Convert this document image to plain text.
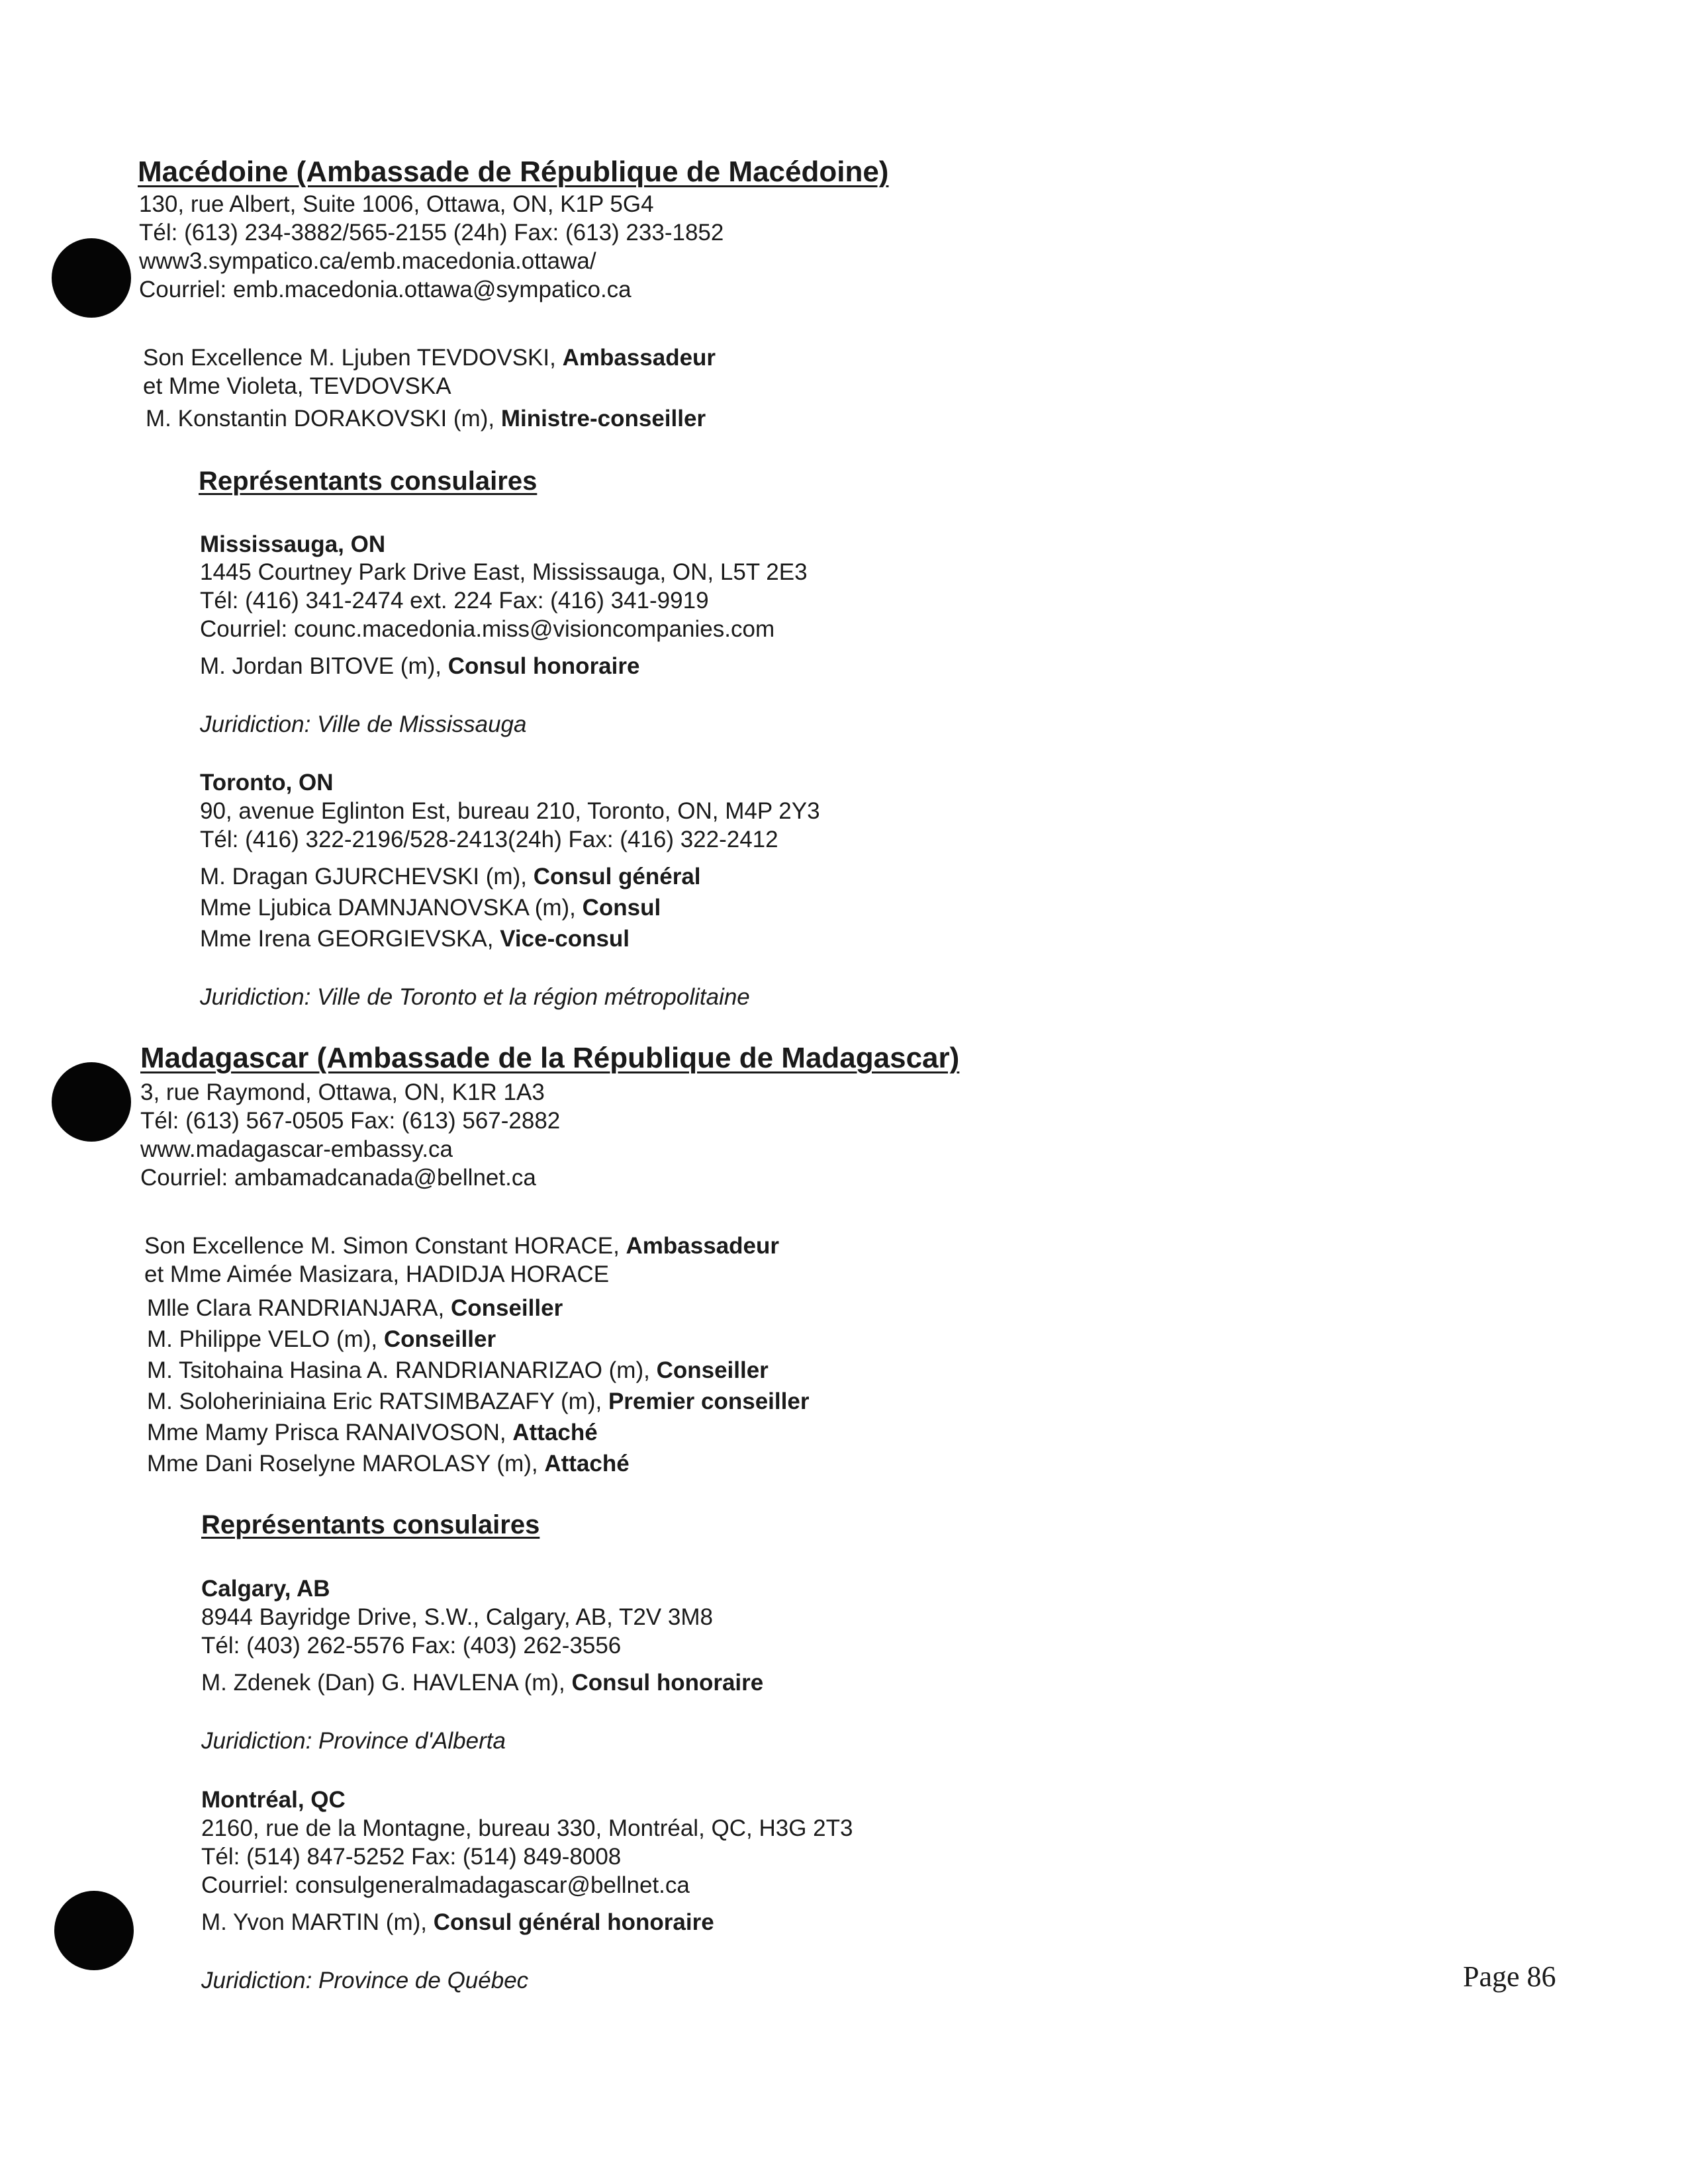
Macédoine (Ambassade de République de Macédoine)
130, rue Albert, Suite 1006, Ottawa, ON, K1P 5G4
Tél: (613) 234-3882/565-2155 (24h) Fax: (613) 233-1852
www3.sympatico.ca/emb.macedonia.ottawa/
Courriel: emb.macedonia.ottawa@sympatico.ca
Son Excellence M. Ljuben TEVDOVSKI, Ambassadeur
et Mme Violeta, TEVDOVSKA
M. Konstantin DORAKOVSKI (m), Ministre-conseiller
Représentants consulaires
Mississauga, ON
1445 Courtney Park Drive East, Mississauga, ON, L5T 2E3
Tél: (416) 341-2474 ext. 224 Fax: (416) 341-9919
Courriel: counc.macedonia.miss@visioncompanies.com
M. Jordan BITOVE (m), Consul honoraire
Juridiction: Ville de Mississauga
Toronto, ON
90, avenue Eglinton Est, bureau 210, Toronto, ON, M4P 2Y3
Tél: (416) 322-2196/528-2413(24h) Fax: (416) 322-2412
M. Dragan GJURCHEVSKI (m), Consul général
Mme Ljubica DAMNJANOVSKA (m), Consul
Mme Irena GEORGIEVSKA, Vice-consul
Juridiction: Ville de Toronto et la région métropolitaine
Madagascar (Ambassade de la République de Madagascar)
3, rue Raymond, Ottawa, ON, K1R 1A3
Tél: (613) 567-0505 Fax: (613) 567-2882
www.madagascar-embassy.ca
Courriel: ambamadcanada@bellnet.ca
Son Excellence M. Simon Constant HORACE, Ambassadeur
et Mme Aimée Masizara, HADIDJA HORACE
Mlle Clara RANDRIANJARA, Conseiller
M. Philippe VELO (m), Conseiller
M. Tsitohaina Hasina A. RANDRIANARIZAO (m), Conseiller
M. Soloheriniaina Eric RATSIMBAZAFY (m), Premier conseiller
Mme Mamy Prisca RANAIVOSON, Attaché
Mme Dani Roselyne MAROLASY (m), Attaché
Représentants consulaires
Calgary, AB
8944 Bayridge Drive, S.W., Calgary, AB, T2V 3M8
Tél: (403) 262-5576 Fax: (403) 262-3556
M. Zdenek (Dan) G. HAVLENA (m), Consul honoraire
Juridiction: Province d'Alberta
Montréal, QC
2160, rue de la Montagne, bureau 330, Montréal, QC, H3G 2T3
Tél: (514) 847-5252 Fax: (514) 849-8008
Courriel: consulgeneralmadagascar@bellnet.ca
M. Yvon MARTIN (m), Consul général honoraire
Juridiction: Province de Québec	Page 86
